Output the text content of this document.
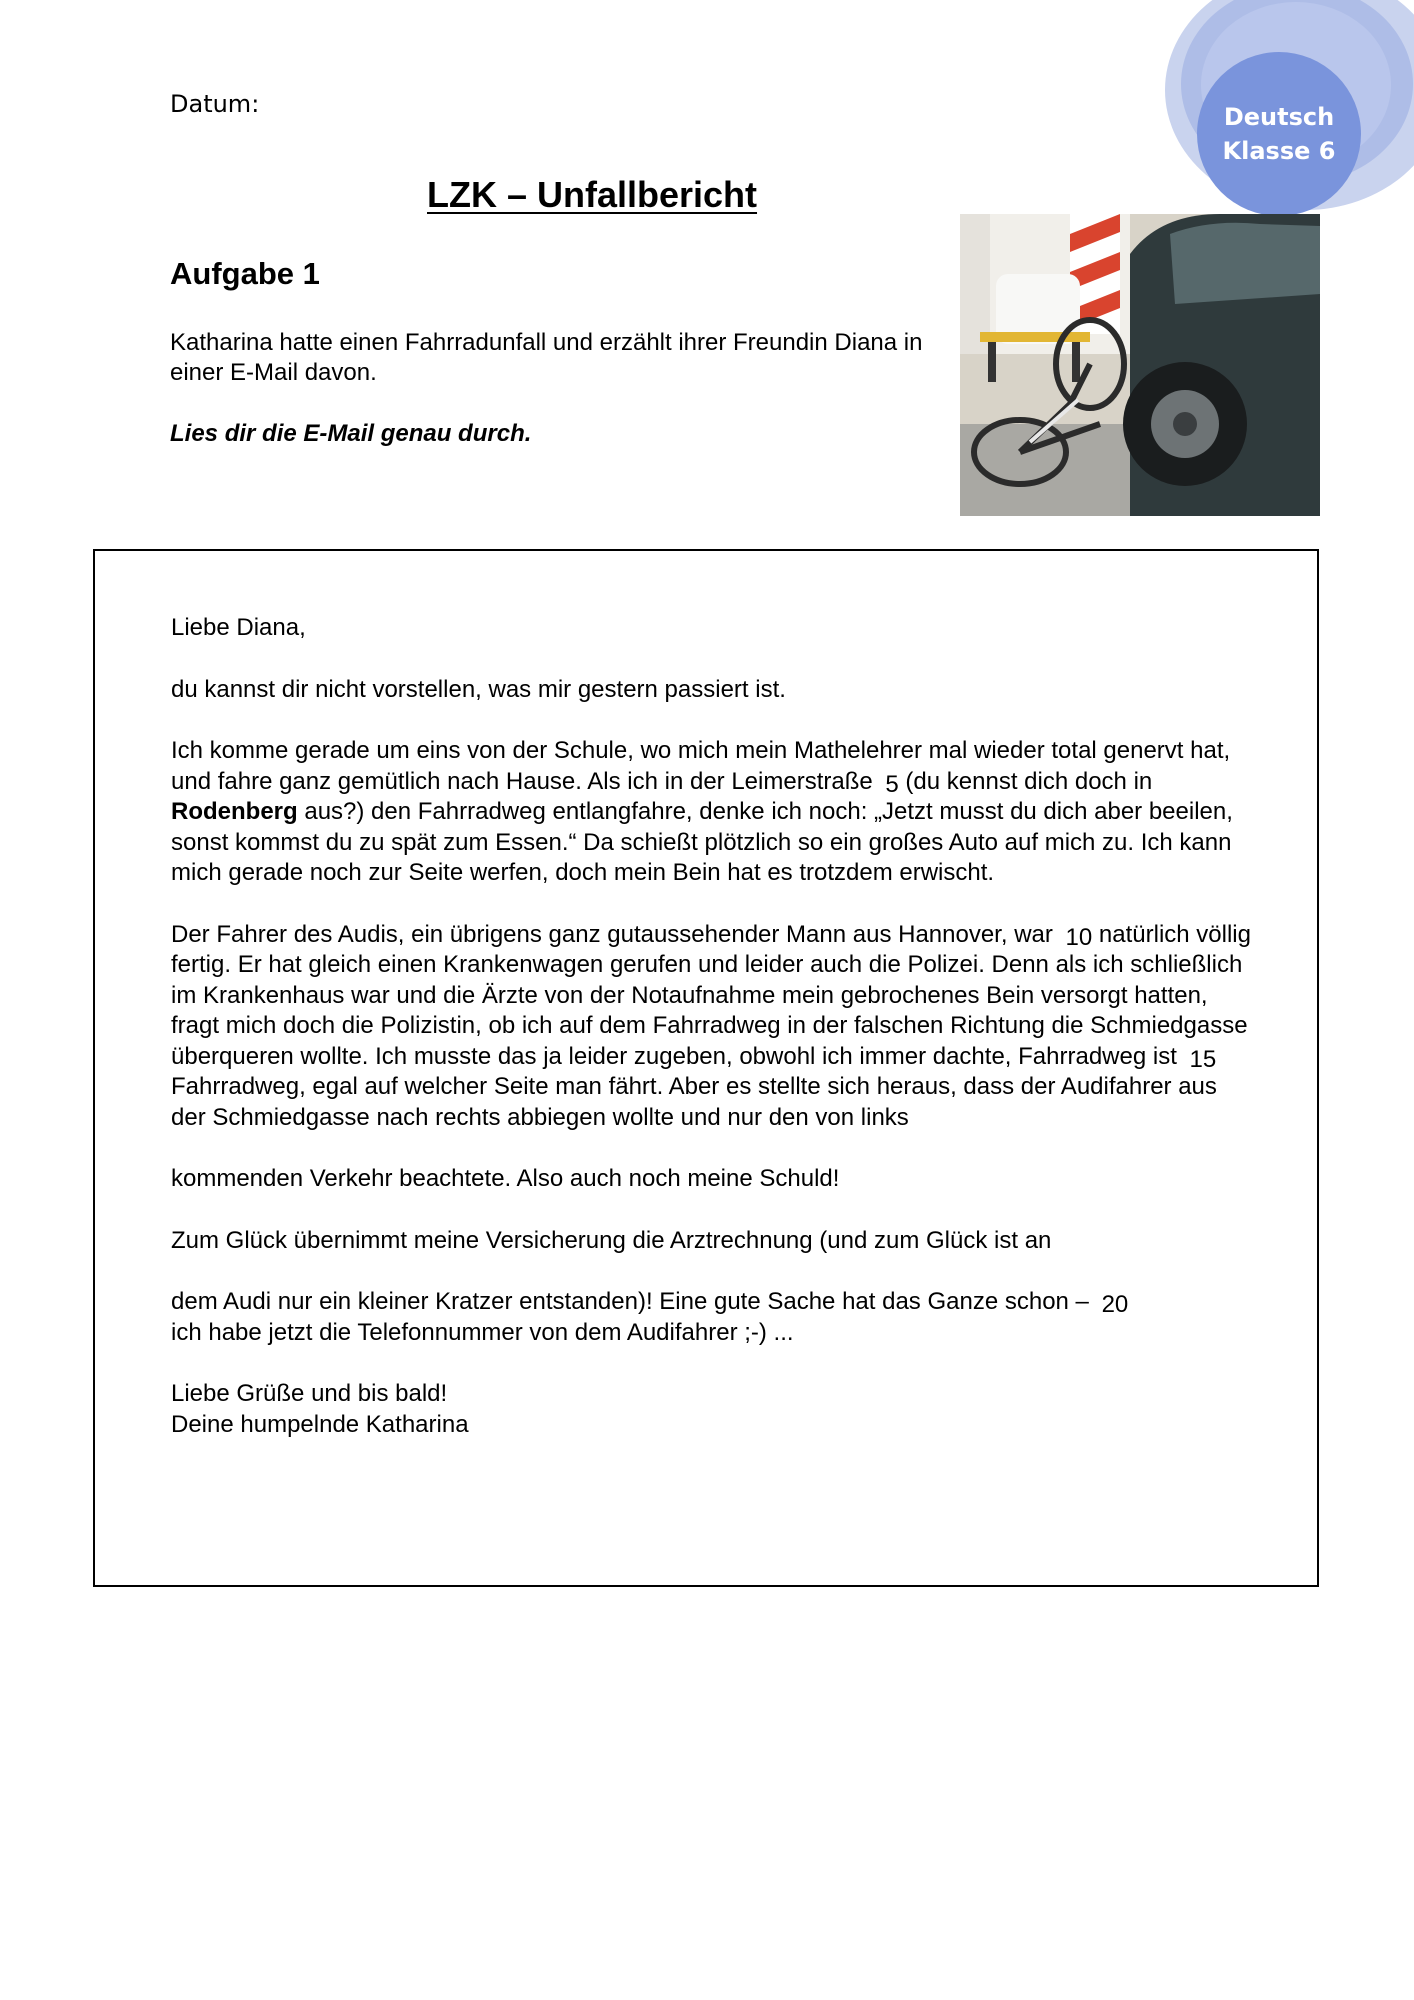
Deutsch
Klasse 6
Datum:
LZK – Unfallbericht
Aufgabe 1
Katharina hatte einen Fahrradunfall und erzählt ihrer Freundin Diana in einer E-Mail davon.
Lies dir die E-Mail genau durch.

Liebe Diana,

du kannst dir nicht vorstellen, was mir gestern passiert ist.

Ich komme gerade um eins von der Schule, wo mich mein Mathelehrer mal wieder total genervt hat, und fahre ganz gemütlich nach Hause. Als ich in der Leimerstraße 5 (du kennst dich doch in Rodenberg aus?) den Fahrradweg entlangfahre, denke ich noch: „Jetzt musst du dich aber beeilen, sonst kommst du zu spät zum Essen.“ Da schießt plötzlich so ein großes Auto auf mich zu. Ich kann mich gerade noch zur Seite werfen, doch mein Bein hat es trotzdem erwischt.

Der Fahrer des Audis, ein übrigens ganz gutaussehender Mann aus Hannover, war 10 natürlich völlig fertig. Er hat gleich einen Krankenwagen gerufen und leider auch die Polizei. Denn als ich schließlich im Krankenhaus war und die Ärzte von der Notaufnahme mein gebrochenes Bein versorgt hatten, fragt mich doch die Polizistin, ob ich auf dem Fahrradweg in der falschen Richtung die Schmiedgasse überqueren wollte. Ich musste das ja leider zugeben, obwohl ich immer dachte, Fahrradweg ist 15 Fahrradweg, egal auf welcher Seite man fährt. Aber es stellte sich heraus, dass der Audifahrer aus der Schmiedgasse nach rechts abbiegen wollte und nur den von links

kommenden Verkehr beachtete. Also auch noch meine Schuld!

Zum Glück übernimmt meine Versicherung die Arztrechnung (und zum Glück ist an

dem Audi nur ein kleiner Kratzer entstanden)! Eine gute Sache hat das Ganze schon – 20
ich habe jetzt die Telefonnummer von dem Audifahrer ;-) ...

Liebe Grüße und bis bald!
Deine humpelnde Katharina
